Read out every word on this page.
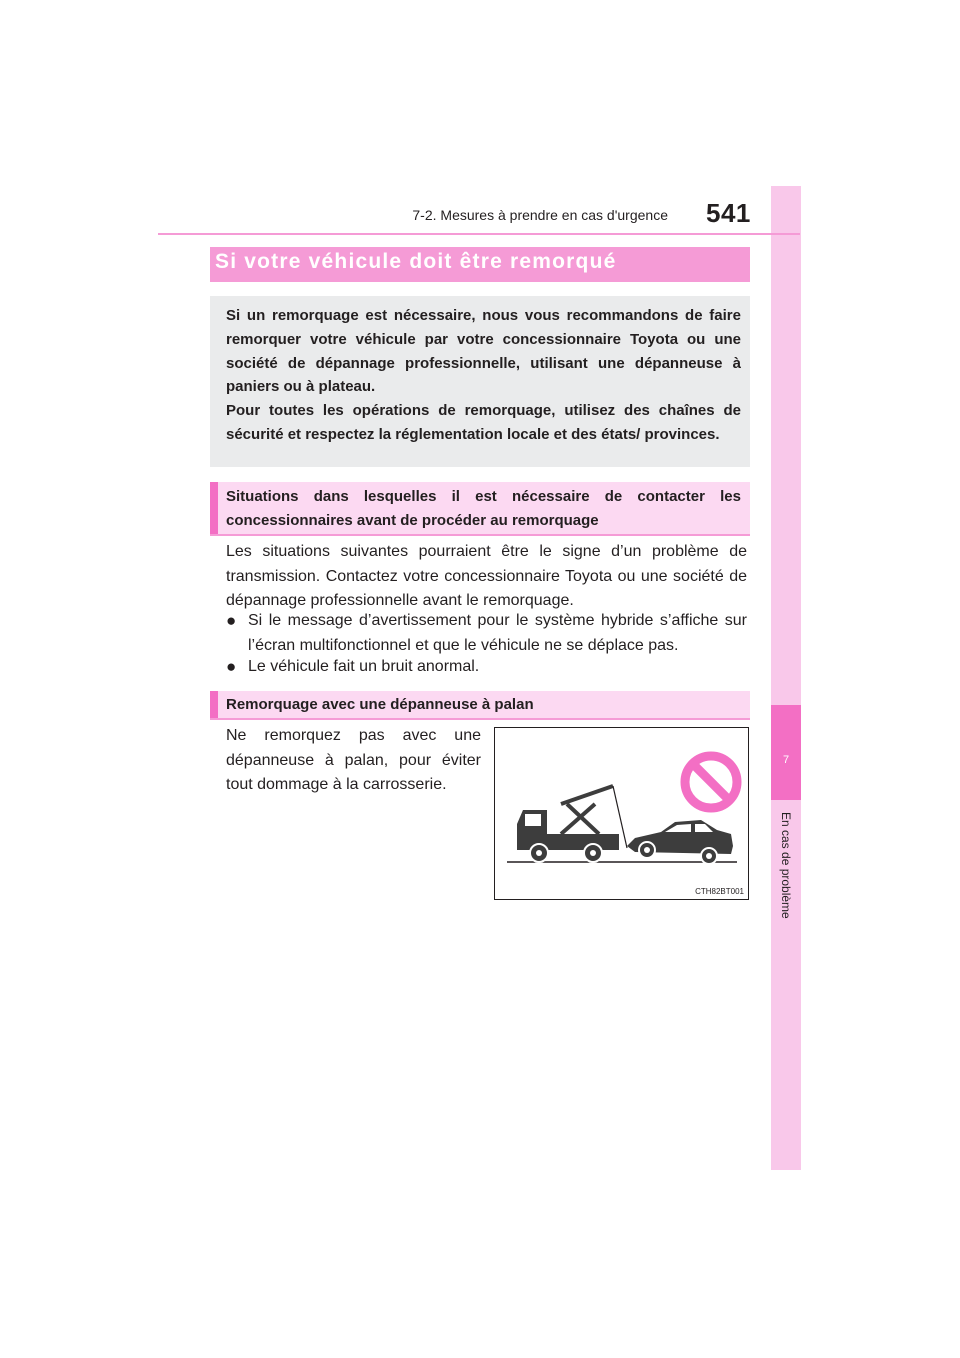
7
En cas de problème
7-2. Mesures à prendre en cas d'urgence 541
Si votre véhicule doit être remorqué
Si un remorquage est nécessaire, nous vous recommandons de faire remorquer votre véhicule par votre concessionnaire Toyota ou une société de dépannage professionnelle, utilisant une dépanneuse à paniers ou à plateau.
Pour toutes les opérations de remorquage, utilisez des chaînes de sécurité et respectez la réglementation locale et des états/ provinces.
Situations dans lesquelles il est nécessaire de contacter les concessionnaires avant de procéder au remorquage
Les situations suivantes pourraient être le signe d’un problème de transmission. Contactez votre concessionnaire Toyota ou une société de dépannage professionnelle avant le remorquage.
● Si le message d’avertissement pour le système hybride s’affiche sur l’écran multifonctionnel et que le véhicule ne se déplace pas.
● Le véhicule fait un bruit anormal.
Remorquage avec une dépanneuse à palan
Ne remorquez pas avec une dépanneuse à palan, pour éviter tout dommage à la carrosserie.
CTH82BT001
